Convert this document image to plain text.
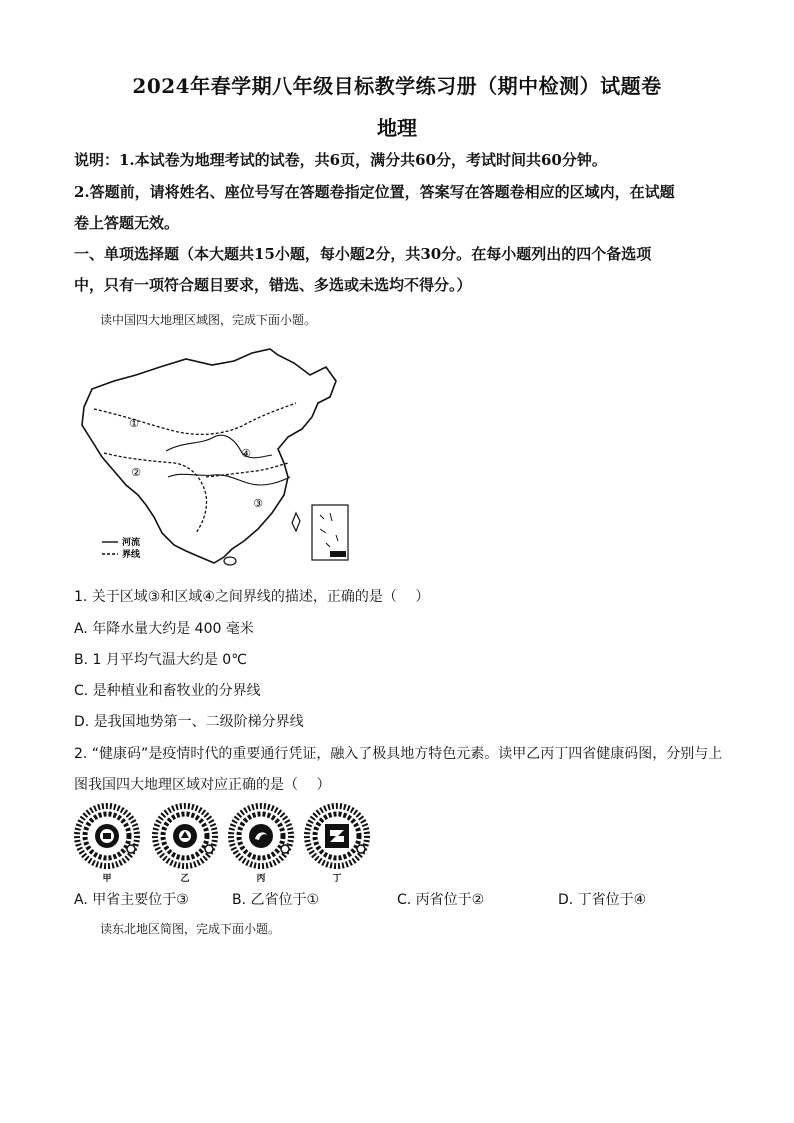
2024年春学期八年级目标教学练习册（期中检测）试题卷
地理
说明：1.本试卷为地理考试的试卷，共6页，满分共60分，考试时间共60分钟。
2.答题前，请将姓名、座位号写在答题卷指定位置，答案写在答题卷相应的区域内，在试题
卷上答题无效。
一、单项选择题（本大题共15小题，每小题2分，共30分。在每小题列出的四个备选项
中，只有一项符合题目要求，错选、多选或未选均不得分。）
读中国四大地理区域图，完成下面小题。
①
②
③
④
河流
界线
1. 关于区域③和区域④之间界线的描述，正确的是（　 ）
A. 年降水量大约是 400 毫米
B. 1 月平均气温大约是 0℃
C. 是种植业和畜牧业的分界线
D. 是我国地势第一、二级阶梯分界线
2. “健康码”是疫情时代的重要通行凭证，融入了极具地方特色元素。读甲乙丙丁四省健康码图，分别与上
图我国四大地理区域对应正确的是（　 ）
甲	乙	丙	丁
A. 甲省主要位于③	B. 乙省位于①	C. 丙省位于②	D. 丁省位于④
读东北地区简图，完成下面小题。
